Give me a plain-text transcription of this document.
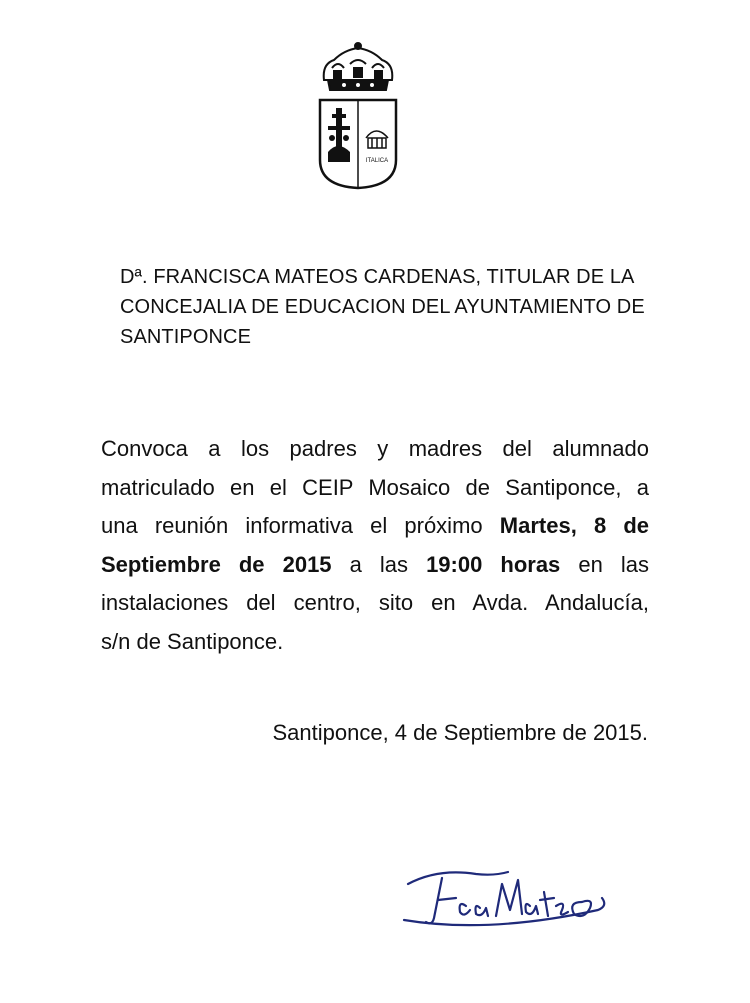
ITALICA
Dª. FRANCISCA MATEOS CARDENAS, TITULAR DE LA
CONCEJALIA DE EDUCACION DEL AYUNTAMIENTO DE
SANTIPONCE
Convoca a los padres y madres del alumnado
matriculado en el CEIP Mosaico de Santiponce, a
una reunión informativa el próximo Martes, 8 de
Septiembre de 2015 a las 19:00 horas en las
instalaciones del centro, sito en Avda. Andalucía,
s/n de Santiponce.
Santiponce, 4 de Septiembre de 2015.
